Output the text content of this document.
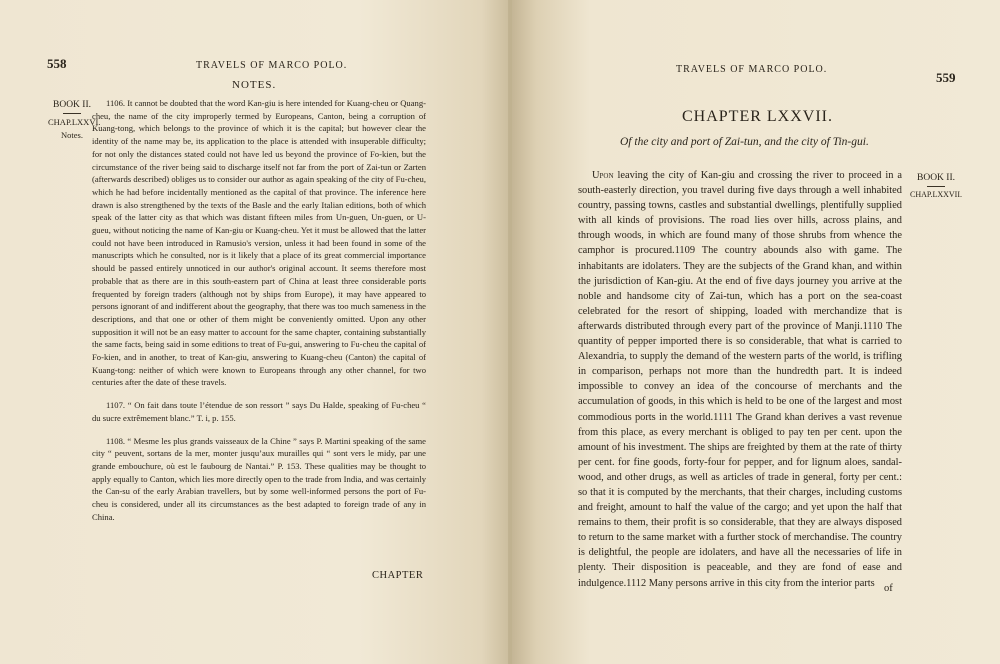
558	TRAVELS OF MARCO POLO.
NOTES.
BOOK II.
CHAP.LXXVI.
Notes.

1106. It cannot be doubted that the word Kan-giu is here intended for Kuang-cheu or Quang-cheu, the name of the city improperly termed by Europeans, Canton, being a corruption of Kuang-tong, which belongs to the province of which it is the capital; but however clear the identity of the name may be, its application to the place is attended with insuperable difficulty; for not only the distances stated could not have led us beyond the province of Fo-kien, but the circumstance of the river being said to discharge itself not far from the port of Zai-tun or Zarten (afterwards described) obliges us to consider our author as again speaking of the city of Fu-cheu, which he had before incidentally mentioned as the capital of that province. The inference here drawn is also strengthened by the texts of the Basle and the early Italian editions, both of which speak of the latter city as that which was distant fifteen miles from Un-guen, Un-guen, or U-gueu, without noticing the name of Kan-giu or Kuang-cheu. Yet it must be allowed that the latter could not have been introduced in Ramusio's version, unless it had been found in some of the manuscripts which he consulted, nor is it likely that a place of its great commercial importance should be passed entirely unnoticed in our author's original account. It seems therefore most probable that as there are in this south-eastern part of China at least three considerable ports frequented by foreign traders (although not by ships from Europe), it may have appeared to persons ignorant of and indifferent about the geography, that there was too much sameness in the descriptions, and that one or other of them might be conveniently omitted. Upon any other supposition it will not be an easy matter to account for the same chapter, containing substantially the same facts, being said in some editions to treat of Fu-gui, answering to Fu-cheu the capital of Fo-kien, and in another, to treat of Kan-giu, answering to Kuang-cheu (Canton) the capital of Kuang-tong: neither of which were known to Europeans through any other channel, for two centuries after the date of these travels.

1107. “ On fait dans toute l’étendue de son ressort ” says Du Halde, speaking of Fu-cheu “ du sucre extrêmement blanc.” T. i, p. 155.

1108. “ Mesme les plus grands vaisseaux de la Chine ” says P. Martini speaking of the same city “ peuvent, sortans de la mer, monter jusqu’aux murailles qui “ sont vers le midy, par une grande embouchure, où est le faubourg de Nantai.” P. 153. These qualities may be thought to apply equally to Canton, which lies more directly open to the trade from India, and was certainly the Can-su of the early Arabian travellers, but by some well-informed persons the port of Fu-cheu is considered, under all its circumstances as the best adapted to foreign trade of any in China.

CHAPTER
TRAVELS OF MARCO POLO.
559
CHAPTER LXXVII.
Of the city and port of Zai-tun, and the city of Tin-gui.
BOOK II.
CHAP.LXXVII.

Upon leaving the city of Kan-giu and crossing the river to proceed in a south-easterly direction, you travel during five days through a well inhabited country, passing towns, castles and substantial dwellings, plentifully supplied with all kinds of provisions. The road lies over hills, across plains, and through woods, in which are found many of those shrubs from whence the camphor is procured.1109 The country abounds also with game. The inhabitants are idolaters. They are the subjects of the Grand khan, and within the jurisdiction of Kan-giu. At the end of five days journey you arrive at the noble and handsome city of Zai-tun, which has a port on the sea-coast celebrated for the resort of shipping, loaded with merchandize that is afterwards distributed through every part of the province of Manji.1110 The quantity of pepper imported there is so considerable, that what is carried to Alexandria, to supply the demand of the western parts of the world, is trifling in comparison, perhaps not more than the hundredth part. It is indeed impossible to convey an idea of the concourse of merchants and the accumulation of goods, in this which is held to be one of the largest and most commodious ports in the world.1111 The Grand khan derives a vast revenue from this place, as every merchant is obliged to pay ten per cent. upon the amount of his investment. The ships are freighted by them at the rate of thirty per cent. for fine goods, forty-four for pepper, and for lignum aloes, sandal-wood, and other drugs, as well as articles of trade in general, forty per cent.: so that it is computed by the merchants, that their charges, including customs and freight, amount to half the value of the cargo; and yet upon the half that remains to them, their profit is so considerable, that they are always disposed to return to the same market with a further stock of merchandise. The country is delightful, the people are idolaters, and have all the necessaries of life in plenty. Their disposition is peaceable, and they are fond of ease and indulgence.1112 Many persons arrive in this city from the interior parts of
